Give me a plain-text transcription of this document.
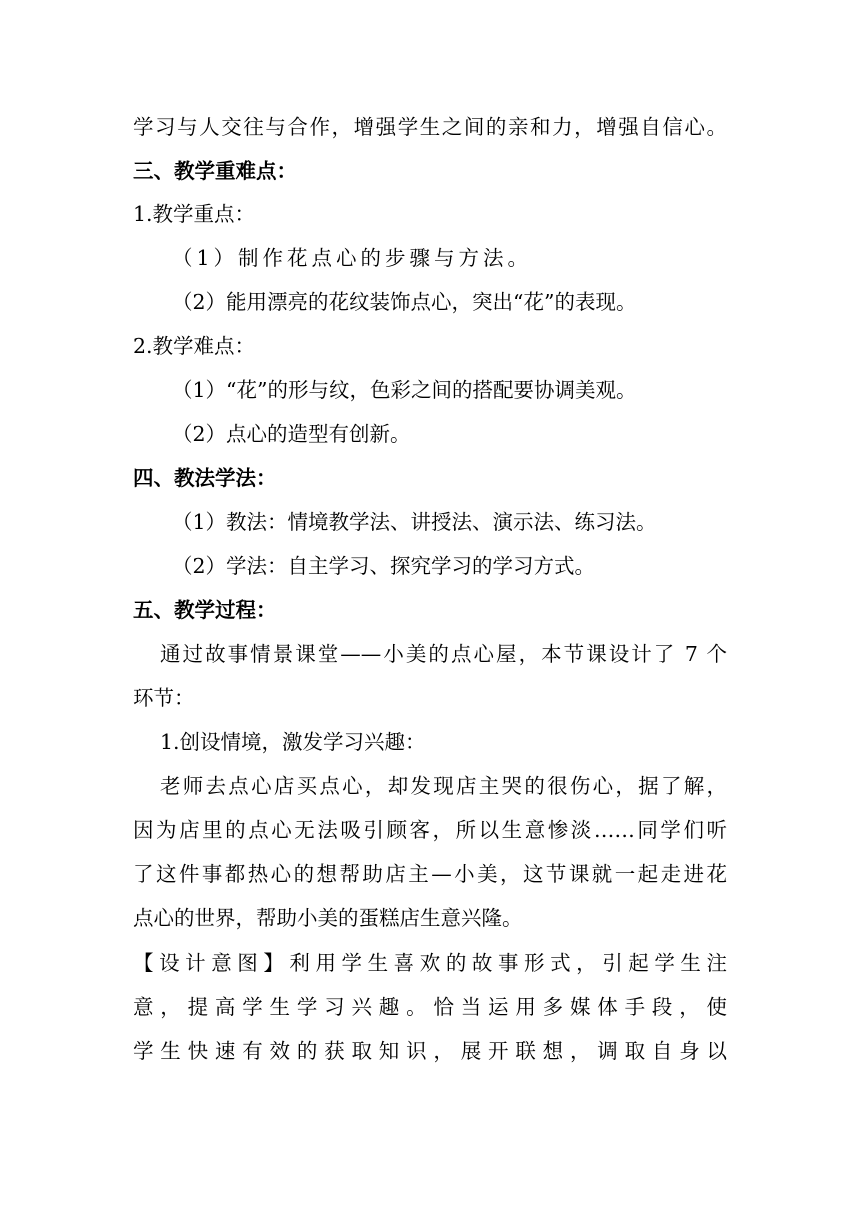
学习与人交往与合作，增强学生之间的亲和力，增强自信心。
三、教学重难点：
1.教学重点：
（1）制作花点心的步骤与方法。
（2）能用漂亮的花纹装饰点心，突出“花”的表现。
2.教学难点：
（1）“花”的形与纹，色彩之间的搭配要协调美观。
（2）点心的造型有创新。
四、教法学法：
（1）教法：情境教学法、讲授法、演示法、练习法。
（2）学法：自主学习、探究学习的学习方式。
五、教学过程：
通过故事情景课堂——小美的点心屋，本节课设计了 7 个
环节：
1.创设情境，激发学习兴趣：
老师去点心店买点心，却发现店主哭的很伤心，据了解，
因为店里的点心无法吸引顾客，所以生意惨淡……同学们听
了这件事都热心的想帮助店主—小美，这节课就一起走进花
点心的世界，帮助小美的蛋糕店生意兴隆。
【设计意图】利用学生喜欢的故事形式，引起学生注
意，提高学生学习兴趣。恰当运用多媒体手段，使
学生快速有效的获取知识，展开联想，调取自身以
